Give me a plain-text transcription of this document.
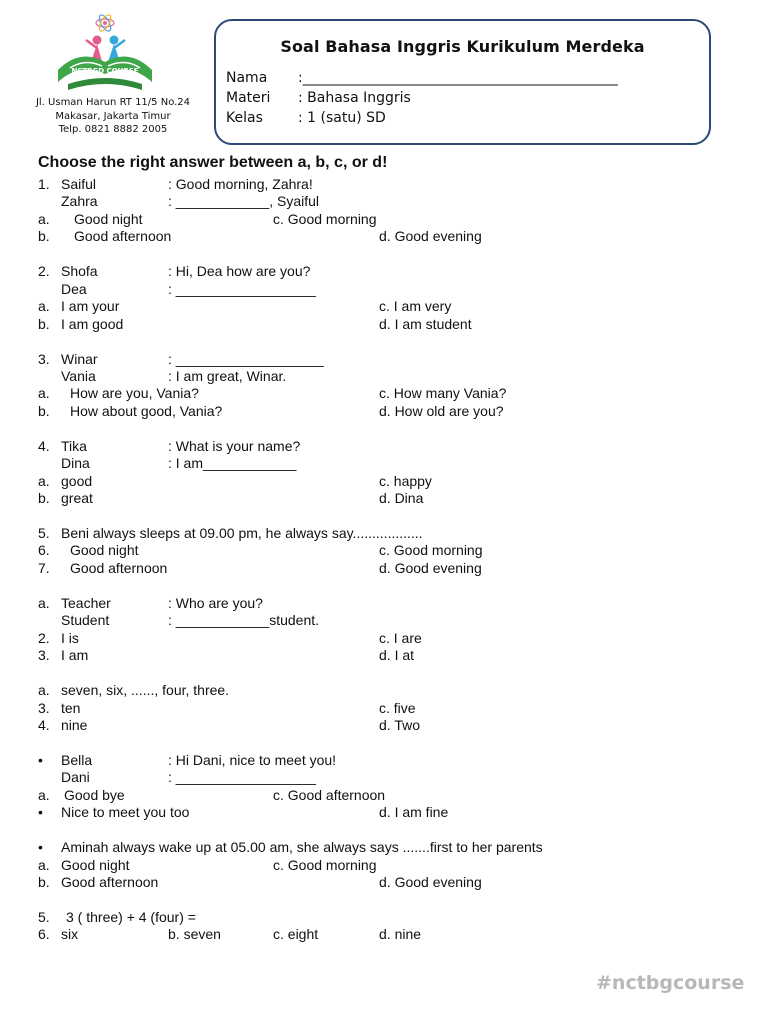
NCTBGD COURSE
Jl. Usman Harun RT 11/5 No.24
Makasar, Jakarta Timur
Telp. 0821 8882 2005
Soal Bahasa Inggris Kurikulum Merdeka
Nama :_____________________________________________
Materi : Bahasa Inggris
Kelas	: 1 (satu) SD
Choose the right answer between a, b, c, or d!
1. Saiful	: Good morning, Zahra!
Zahra	: ____________, Syaiful
a. Good night	c. Good morning
b. Good afternoon	d. Good evening
2. Shofa	: Hi, Dea how are you?
Dea	: __________________
a. I am your	c. I am very
b. I am good	d. I am student
3. Winar	: ___________________
Vania	: I am great, Winar.
a. How are you, Vania?	c. How many Vania?
b. How about good, Vania?	d. How old are you?
4. Tika	: What is your name?
Dina	: I am____________
a. good	c. happy
b. great	d. Dina
5. Beni always sleeps at 09.00 pm, he always say..................
6. Good night	c. Good morning
7. Good afternoon	d. Good evening
a. Teacher	: Who are you?
Student	: ____________student.
2. I is	c. I are
3. I am	d. I at
a. seven, six, ......, four, three.
3. ten	c. five
4. nine	d. Two
• Bella	: Hi Dani, nice to meet you!
Dani	: __________________
a. Good bye	c. Good afternoon
• Nice to meet you too	d. I am fine
• Aminah always wake up at 05.00 am, she always says .......first to her parents
a. Good night	c. Good morning
b. Good afternoon	d. Good evening
5. 3 ( three) + 4 (four) =
6. six	b. seven	c. eight	d. nine
#nctbgcourse
